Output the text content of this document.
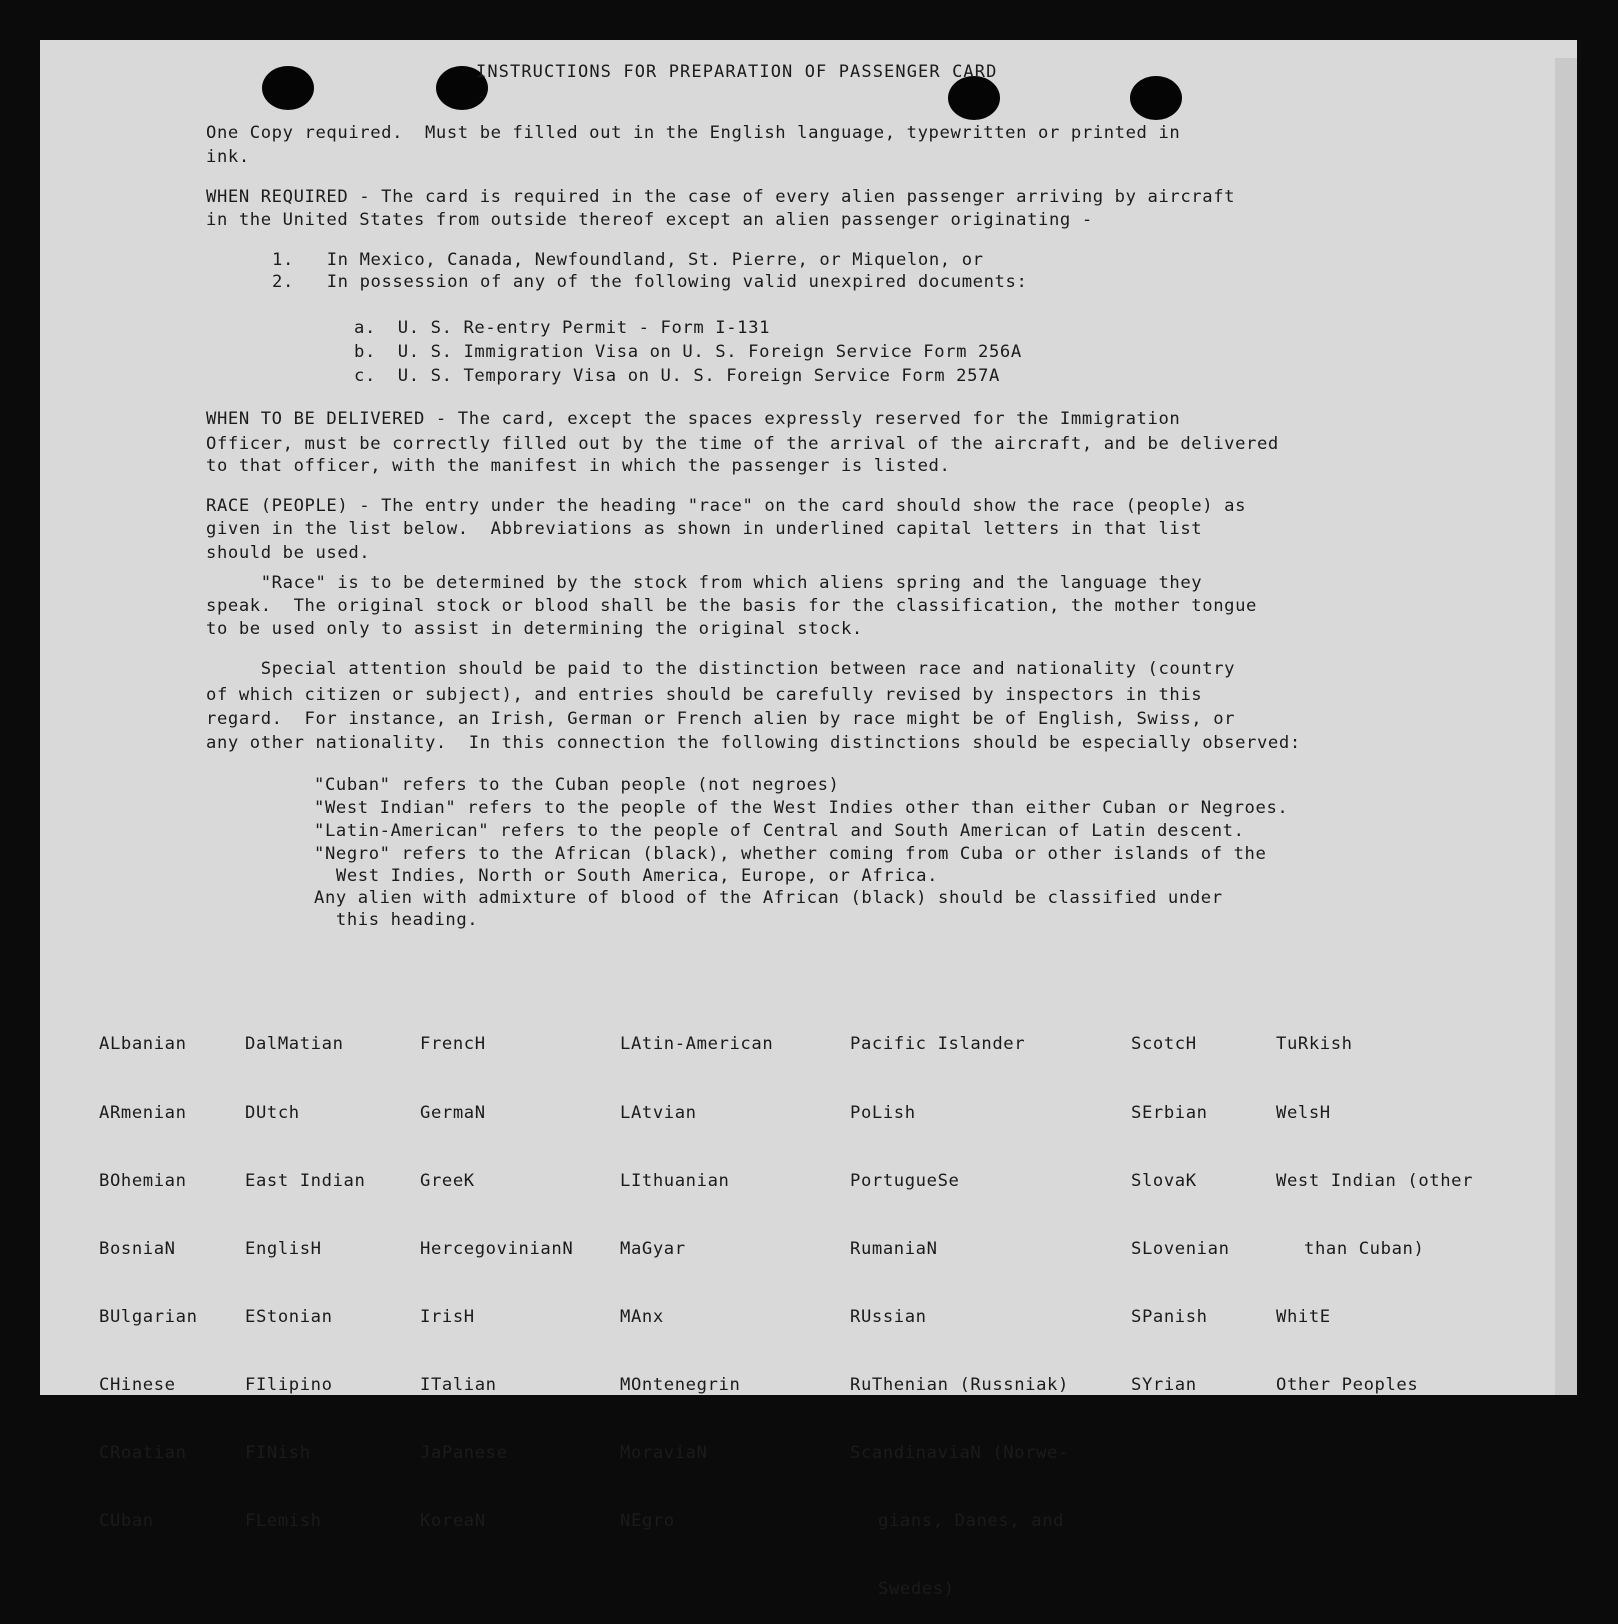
INSTRUCTIONS FOR PREPARATION OF PASSENGER CARD
One Copy required.  Must be filled out in the English language, typewritten or printed in
ink.
WHEN REQUIRED - The card is required in the case of every alien passenger arriving by aircraft
in the United States from outside thereof except an alien passenger originating -
1.   In Mexico, Canada, Newfoundland, St. Pierre, or Miquelon, or
2.   In possession of any of the following valid unexpired documents:
a.  U. S. Re-entry Permit - Form I-131
b.  U. S. Immigration Visa on U. S. Foreign Service Form 256A
c.  U. S. Temporary Visa on U. S. Foreign Service Form 257A
WHEN TO BE DELIVERED - The card, except the spaces expressly reserved for the Immigration
Officer, must be correctly filled out by the time of the arrival of the aircraft, and be delivered
to that officer, with the manifest in which the passenger is listed.
RACE (PEOPLE) - The entry under the heading "race" on the card should show the race (people) as
given in the list below.  Abbreviations as shown in underlined capital letters in that list
should be used.
"Race" is to be determined by the stock from which aliens spring and the language they
speak.  The original stock or blood shall be the basis for the classification, the mother tongue
to be used only to assist in determining the original stock.
Special attention should be paid to the distinction between race and nationality (country
of which citizen or subject), and entries should be carefully revised by inspectors in this
regard.  For instance, an Irish, German or French alien by race might be of English, Swiss, or
any other nationality.  In this connection the following distinctions should be especially observed:
"Cuban" refers to the Cuban people (not negroes)
"West Indian" refers to the people of the West Indies other than either Cuban or Negroes.
"Latin-American" refers to the people of Central and South American of Latin descent.
"Negro" refers to the African (black), whether coming from Cuba or other islands of the
West Indies, North or South America, Europe, or Africa.
Any alien with admixture of blood of the African (black) should be classified under
this heading.

ALbanian

ARmenian

BOhemian

BosniaN

BUlgarian

CHinese

CRoatian

CUban

DalMatian

DUtch

East Indian

EnglisH

EStonian

FIlipino

FINish

FLemish

FrencH

GermaN

GreeK

HercegovinianN

IrisH

ITalian

JaPanese

KoreaN

LAtin-American

LAtvian

LIthuanian

MaGyar

MAnx

MOntenegrin

MoraviaN

NEgro

Pacific Islander

PoLish

PortugueSe

RumaniaN

RUssian

RuThenian (Russniak)

ScandinaviaN (Norwe-

gians, Danes, and

Swedes)

ScotcH

SErbian

SlovaK

SLovenian

SPanish

SYrian

TuRkish

WelsH

West Indian (other

than Cuban)

WhitE

Other Peoples
